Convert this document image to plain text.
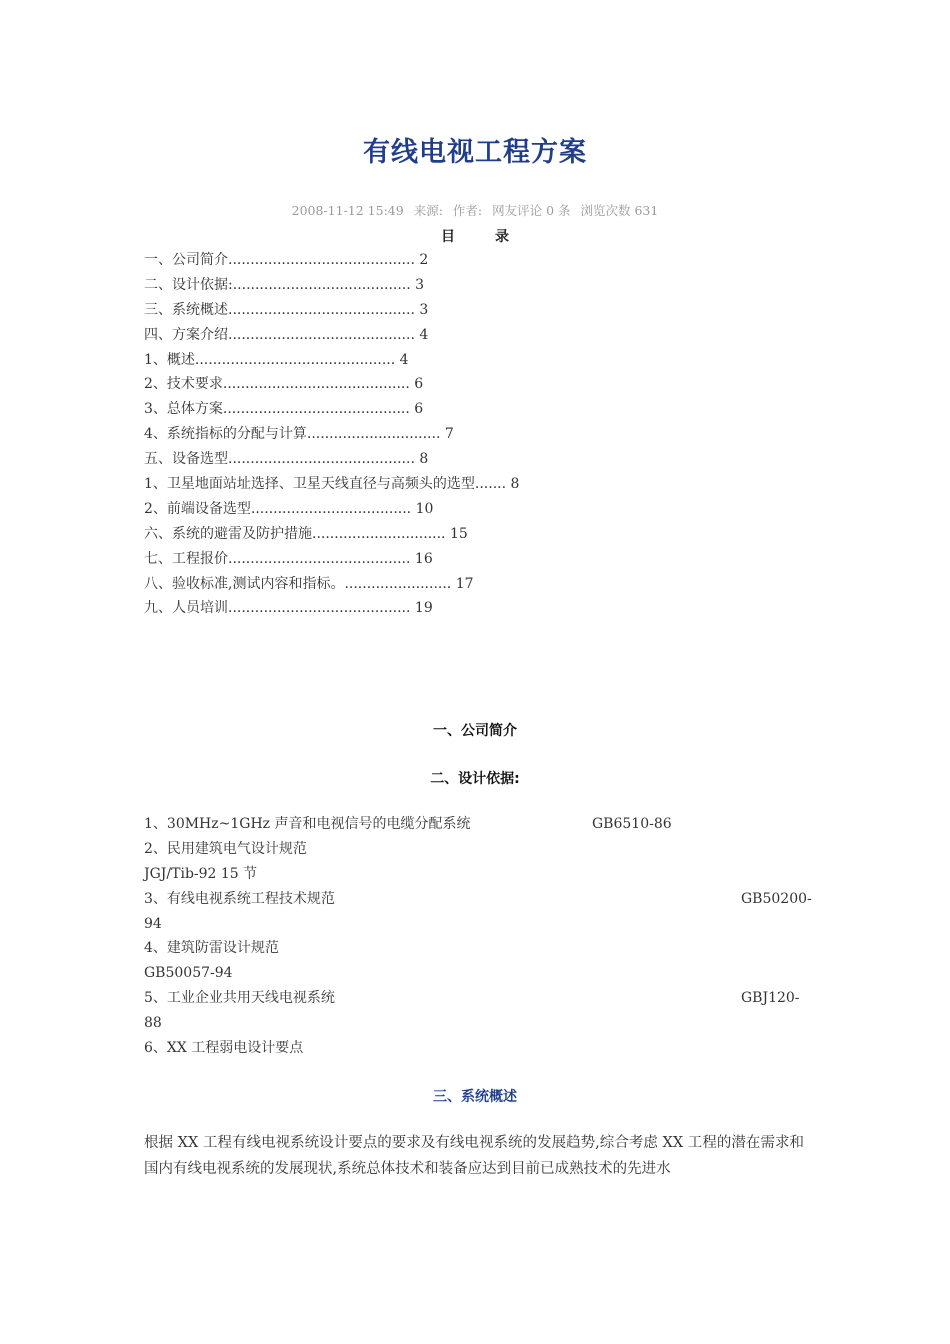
有线电视工程方案
2008-11-12 15:49 来源: 作者: 网友评论 0 条 浏览次数 631
目	录
一、公司简介.......................................... 2
二、设计依据:........................................ 3
三、系统概述.......................................... 3
四、方案介绍.......................................... 4
1、概述............................................. 4
2、技术要求.......................................... 6
3、总体方案.......................................... 6
4、系统指标的分配与计算.............................. 7
五、设备选型.......................................... 8
1、卫星地面站址选择、卫星天线直径与高频头的选型....... 8
2、前端设备选型.................................... 10
六、系统的避雷及防护措施.............................. 15
七、工程报价......................................... 16
八、验收标准,测试内容和指标。........................ 17
九、人员培训......................................... 19
一、公司简介
二、设计依据:
1、30MHz~1GHz 声音和电视信号的电缆分配系统	GB6510-86
2、民用建筑电气设计规范
JGJ/Tib-92 15 节
3、有线电视系统工程技术规范	GB50200-
94
4、建筑防雷设计规范
GB50057-94
5、工业企业共用天线电视系统	GBJ120-
88
6、XX 工程弱电设计要点
三、系统概述
根据 XX 工程有线电视系统设计要点的要求及有线电视系统的发展趋势,综合考虑 XX 工程的潜在需求和国内有线电视系统的发展现状,系统总体技术和装备应达到目前已成熟技术的先进水
